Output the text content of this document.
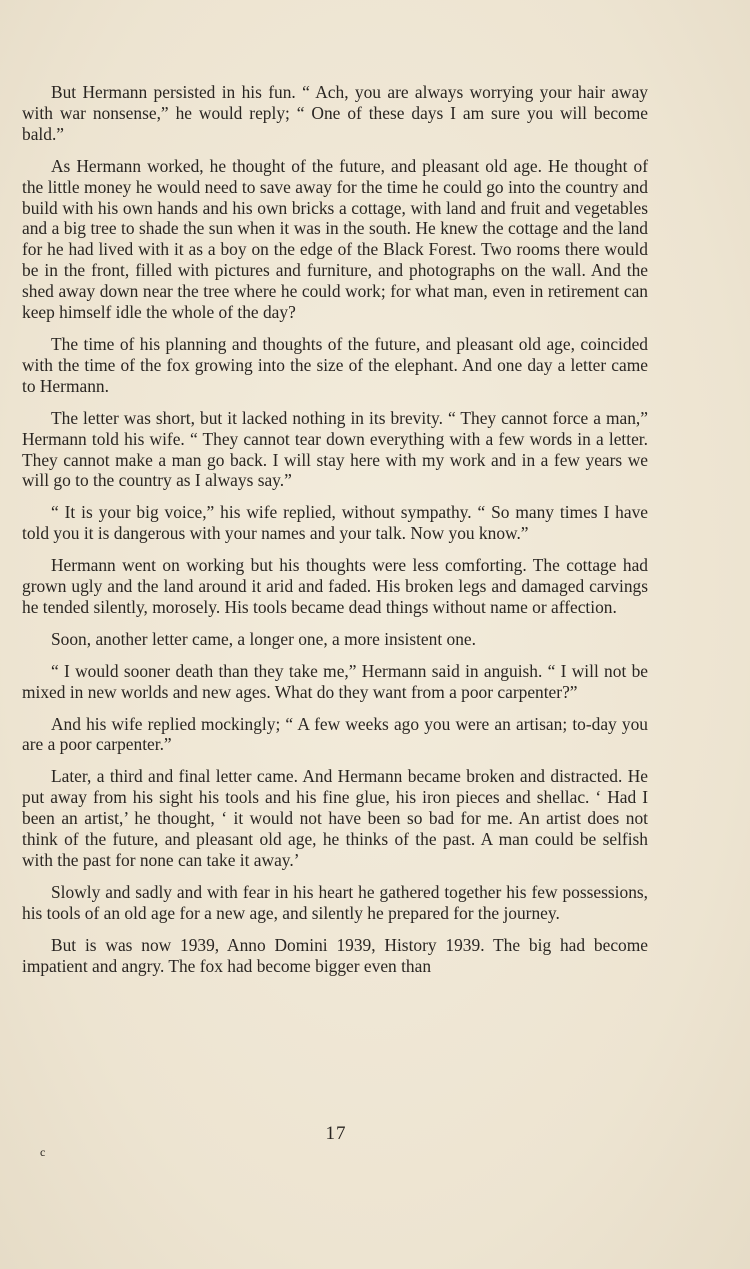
But Hermann persisted in his fun. “ Ach, you are always worrying your hair away with war nonsense,” he would reply; “ One of these days I am sure you will become bald.”

As Hermann worked, he thought of the future, and pleasant old age. He thought of the little money he would need to save away for the time he could go into the country and build with his own hands and his own bricks a cottage, with land and fruit and vegetables and a big tree to shade the sun when it was in the south. He knew the cottage and the land for he had lived with it as a boy on the edge of the Black Forest. Two rooms there would be in the front, filled with pictures and furniture, and photographs on the wall. And the shed away down near the tree where he could work; for what man, even in retirement can keep himself idle the whole of the day?

The time of his planning and thoughts of the future, and pleasant old age, coincided with the time of the fox growing into the size of the elephant. And one day a letter came to Hermann.

The letter was short, but it lacked nothing in its brevity. “ They cannot force a man,” Hermann told his wife. “ They cannot tear down everything with a few words in a letter. They cannot make a man go back. I will stay here with my work and in a few years we will go to the country as I always say.”

“ It is your big voice,” his wife replied, without sympathy. “ So many times I have told you it is dangerous with your names and your talk. Now you know.”

Hermann went on working but his thoughts were less comforting. The cottage had grown ugly and the land around it arid and faded. His broken legs and damaged carvings he tended silently, morosely. His tools became dead things without name or affection.

Soon, another letter came, a longer one, a more insistent one.

“ I would sooner death than they take me,” Hermann said in anguish. “ I will not be mixed in new worlds and new ages. What do they want from a poor carpenter?”

And his wife replied mockingly; “ A few weeks ago you were an artisan; to-day you are a poor carpenter.”

Later, a third and final letter came. And Hermann became broken and distracted. He put away from his sight his tools and his fine glue, his iron pieces and shellac. ‘ Had I been an artist,’ he thought, ‘ it would not have been so bad for me. An artist does not think of the future, and pleasant old age, he thinks of the past. A man could be selfish with the past for none can take it away.’

Slowly and sadly and with fear in his heart he gathered together his few possessions, his tools of an old age for a new age, and silently he prepared for the journey.

But is was now 1939, Anno Domini 1939, History 1939. The big had become impatient and angry. The fox had become bigger even than

17
c
